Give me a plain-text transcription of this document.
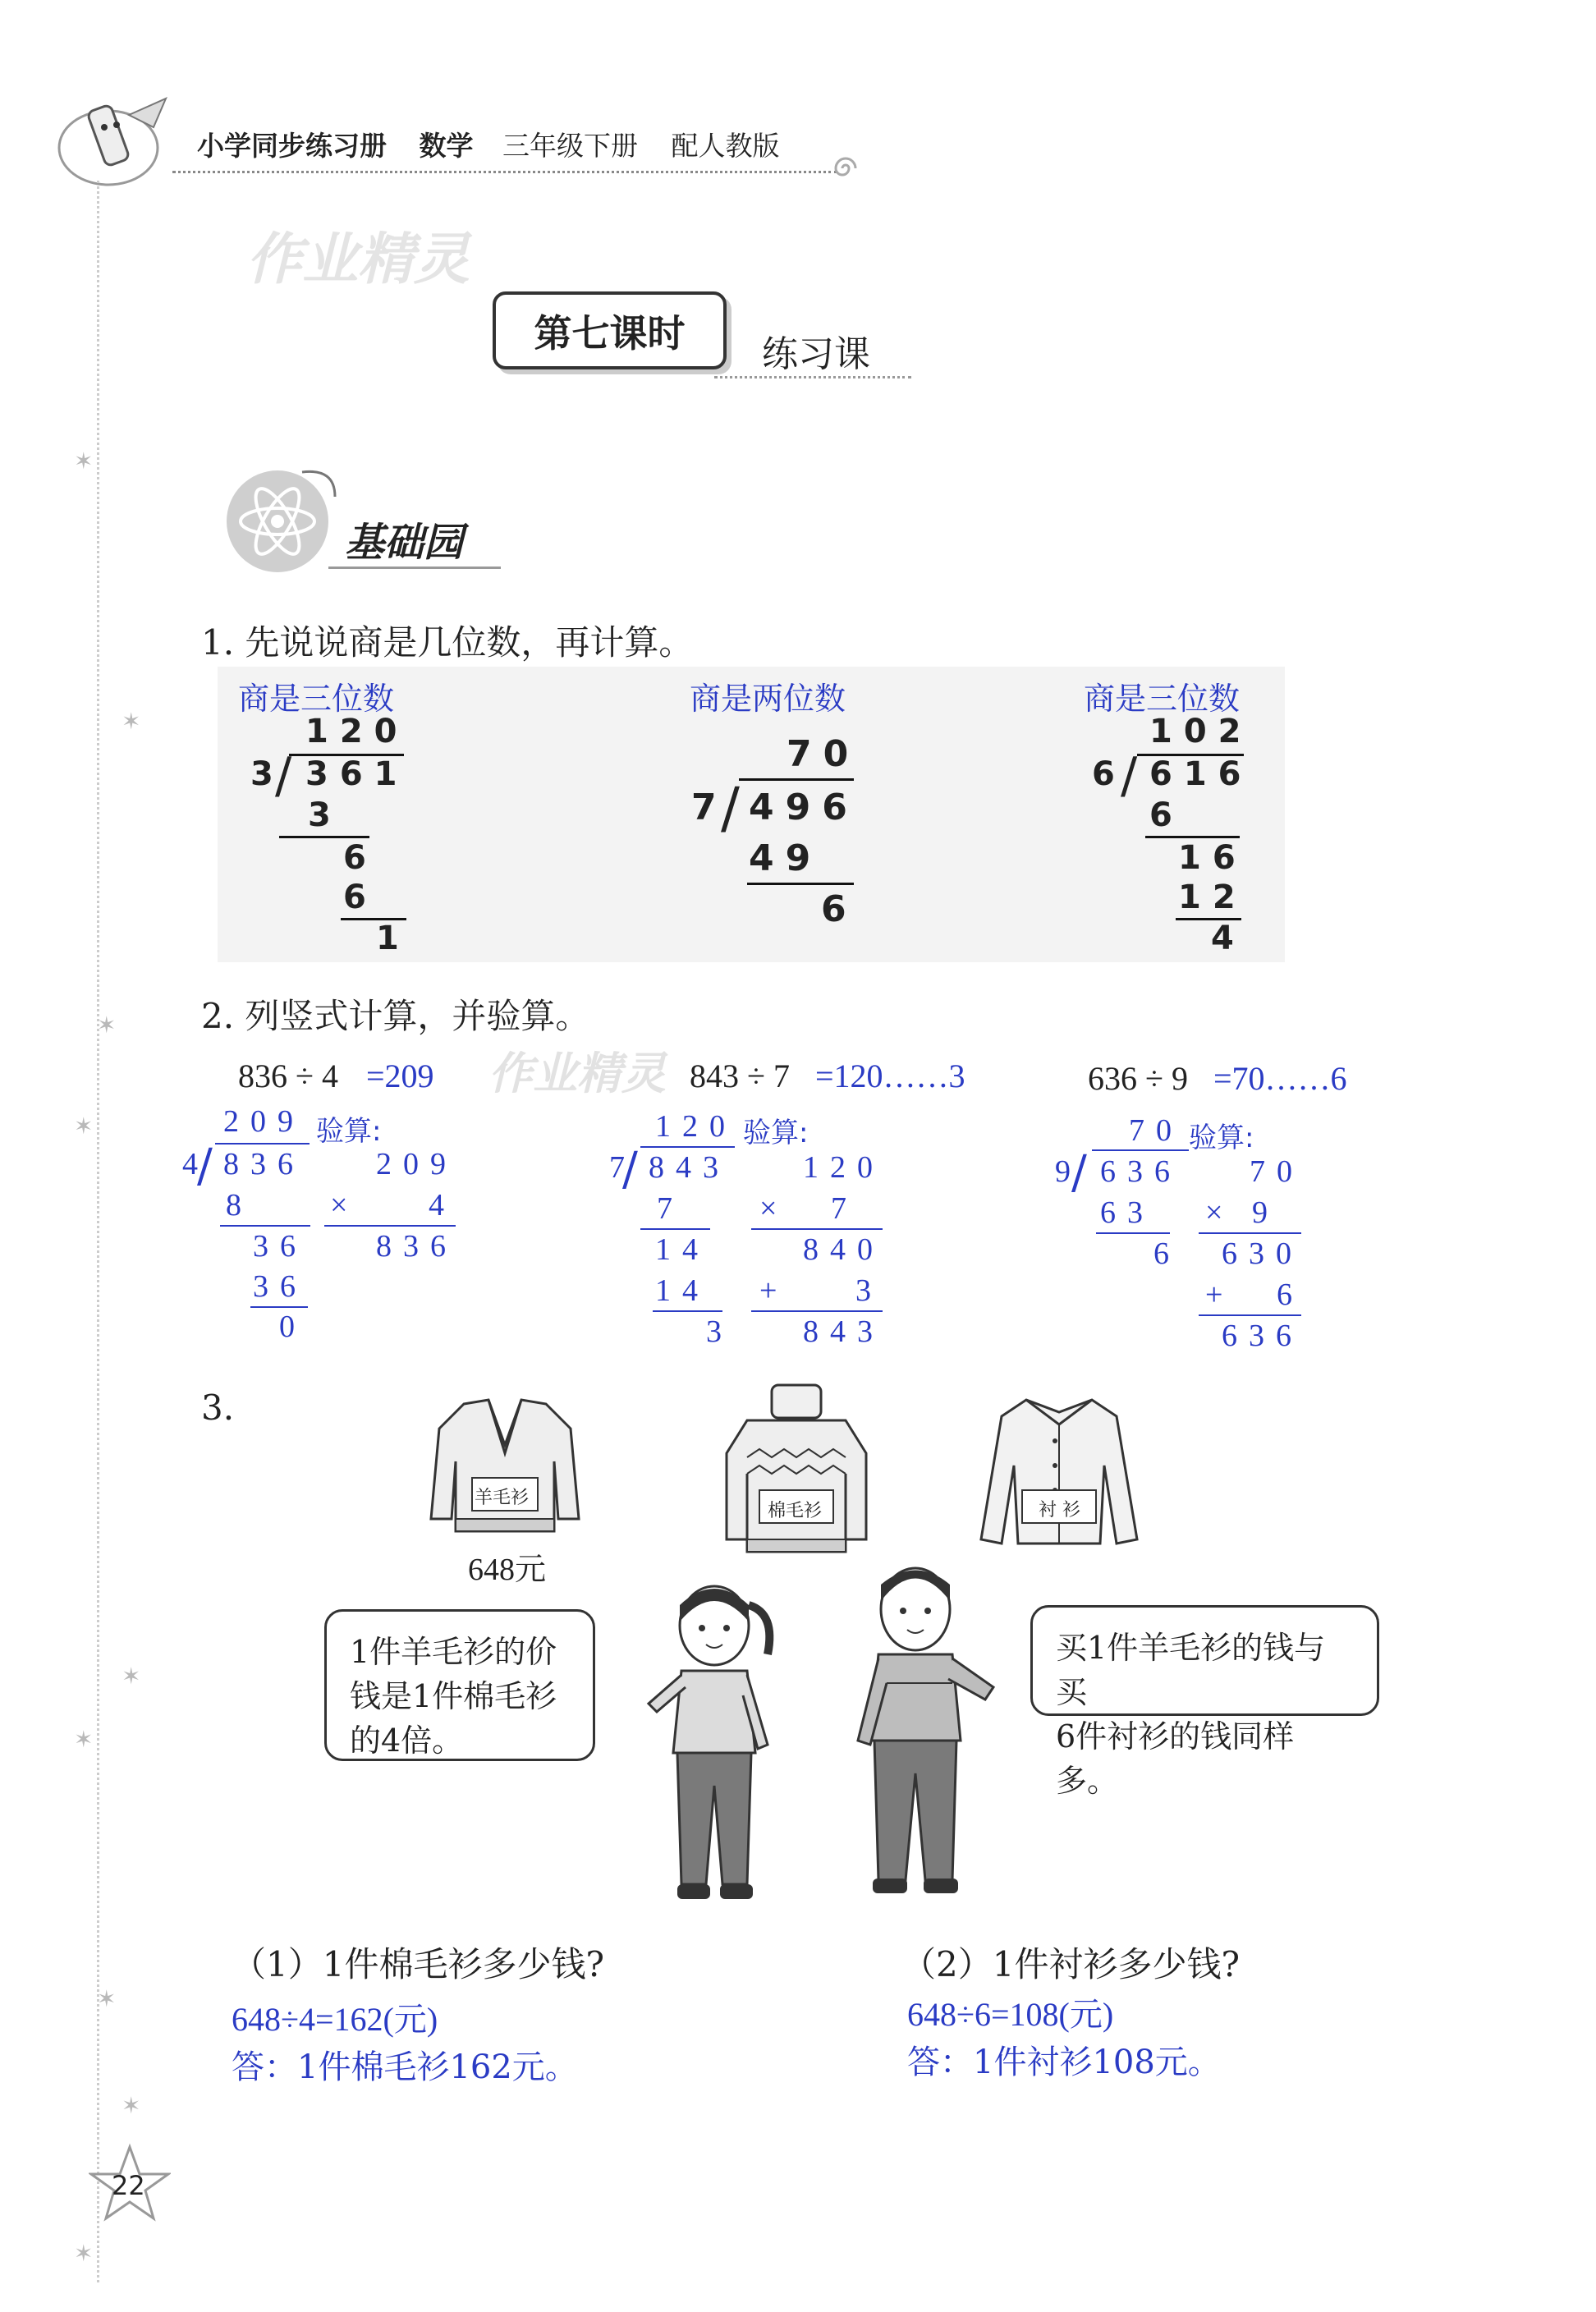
小学同步练习册 数学 三年级下册 配人教版
✶
✶
✶
✶
✶
✶
✶
✶
✶
作业精灵
第七课时 练习课
基础园
1. 先说说商是几位数，再计算。
商是三位数
120
3 / 361
3
6
6
1
商是两位数
70
7 / 496
49
6
商是三位数
102
6 / 616
6
16
12
4
2. 列竖式计算，并验算。
作业精灵
836 ÷ 4 =209
209 验算:
4 / 836
8
36
36
0
209
×	4
836
843 ÷ 7 =120……3
120 验算:
7
/ 843
7
14
14
3
120
× 7
840
+	3
843
636 ÷ 9 =70……6
70 验算:
9 / 636
63
6
70
× 9
630
+ 6
636
3.
羊毛衫
648元
棉毛衫	衬 衫
1件羊毛衫的价
钱是1件棉毛衫
的4倍。
买1件羊毛衫的钱与买
6件衬衫的钱同样多。
（1）1件棉毛衫多少钱?
648÷4=162(元)
答：1件棉毛衫162元。
（2）1件衬衫多少钱?
648÷6=108(元)
答：1件衬衫108元。
22
